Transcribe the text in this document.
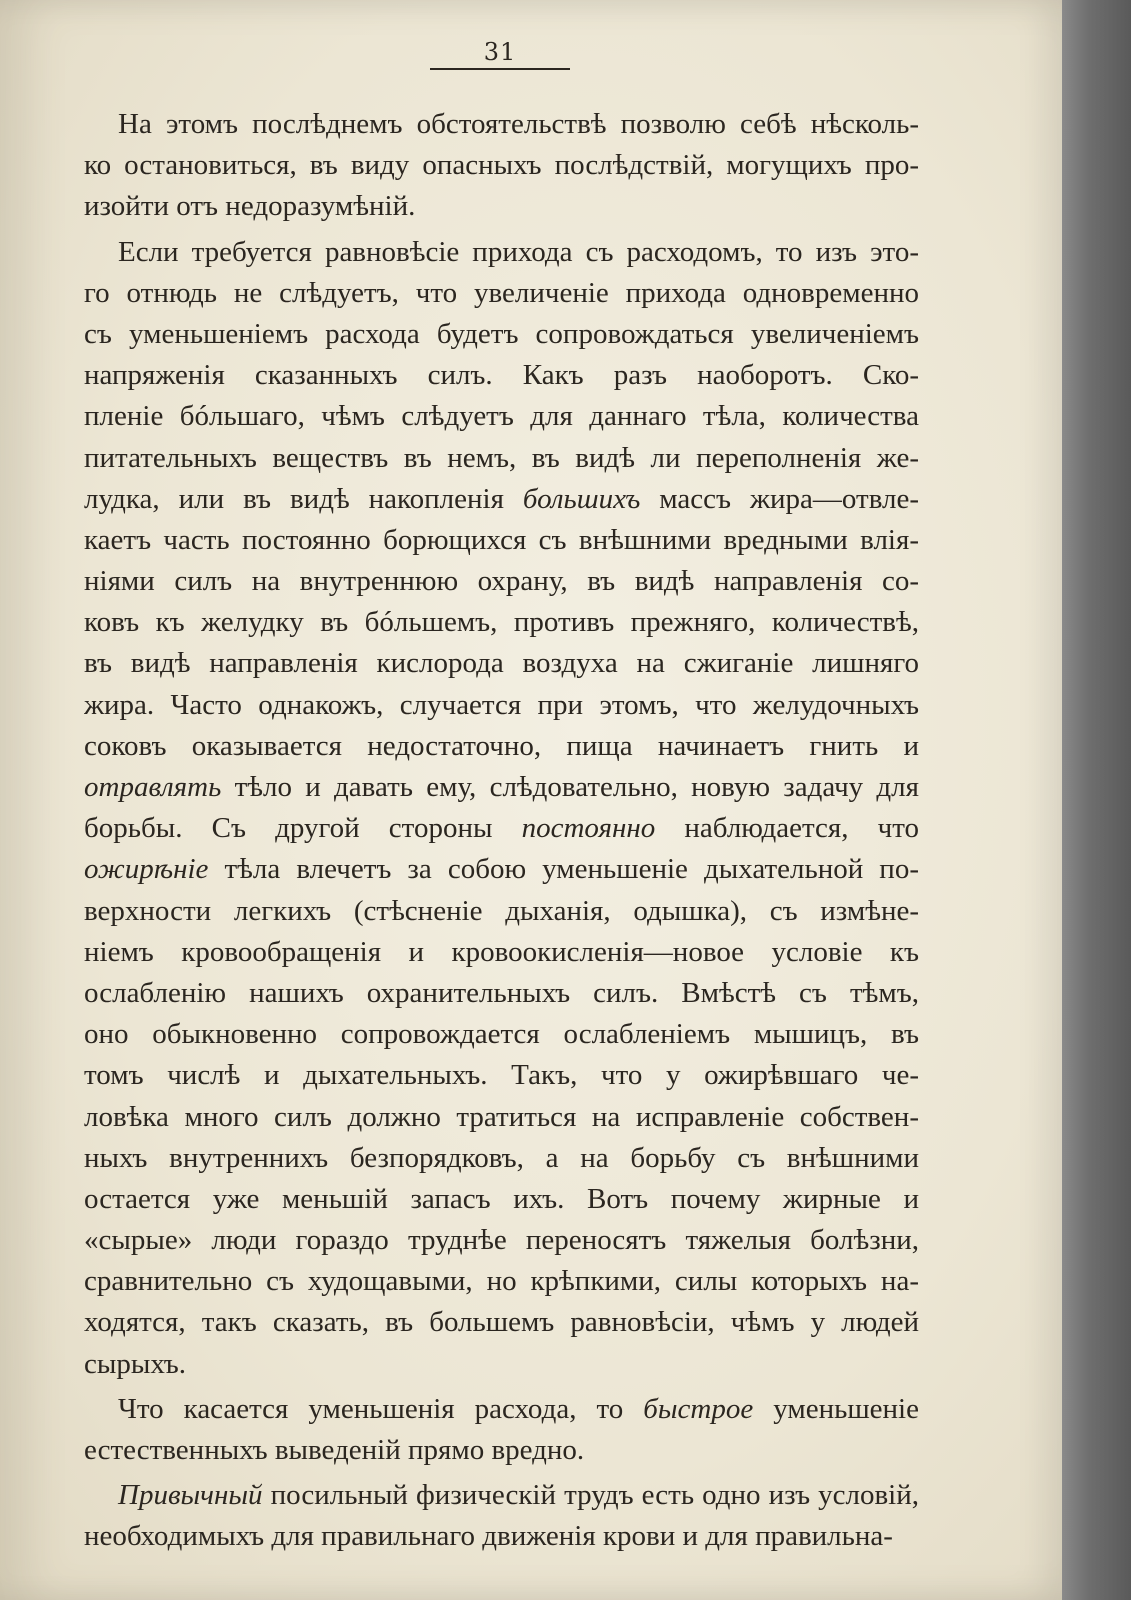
31
На этомъ послѣднемъ обстоятельствѣ позволю себѣ нѣсколь-
ко остановиться, въ виду опасныхъ послѣдствій, могущихъ про-
изойти отъ недоразумѣній.
Если требуется равновѣсіе прихода съ расходомъ, то изъ это-
го отнюдь не слѣдуетъ, что увеличеніе прихода одновременно
съ уменьшеніемъ расхода будетъ сопровождаться увеличеніемъ
напряженія сказанныхъ силъ. Какъ разъ наоборотъ. Ско-
пленіе бóльшаго, чѣмъ слѣдуетъ для даннаго тѣла, количества
питательныхъ веществъ въ немъ, въ видѣ ли переполненія же-
лудка, или въ видѣ накопленія большихъ массъ жира—отвле-
каетъ часть постоянно борющихся съ внѣшними вредными влія-
ніями силъ на внутреннюю охрану, въ видѣ направленія со-
ковъ къ желудку въ бóльшемъ, противъ прежняго, количествѣ,
въ видѣ направленія кислорода воздуха на сжиганіе лишняго
жира. Часто однакожъ, случается при этомъ, что желудочныхъ
соковъ оказывается недостаточно, пища начинаетъ гнить и
отравлять тѣло и давать ему, слѣдовательно, новую задачу для
борьбы. Съ другой стороны постоянно наблюдается, что
ожирѣніе тѣла влечетъ за собою уменьшеніе дыхательной по-
верхности легкихъ (стѣсненіе дыханія, одышка), съ измѣне-
ніемъ кровообращенія и кровоокисленія—новое условіе къ
ослабленію нашихъ охранительныхъ силъ. Вмѣстѣ съ тѣмъ,
оно обыкновенно сопровождается ослабленіемъ мышицъ, въ
томъ числѣ и дыхательныхъ. Такъ, что у ожирѣвшаго че-
ловѣка много силъ должно тратиться на исправленіе собствен-
ныхъ внутреннихъ безпорядковъ, а на борьбу съ внѣшними
остается уже меньшій запасъ ихъ. Вотъ почему жирные и
«сырые» люди гораздо труднѣе переносятъ тяжелыя болѣзни,
сравнительно съ худощавыми, но крѣпкими, силы которыхъ на-
ходятся, такъ сказать, въ большемъ равновѣсіи, чѣмъ у людей
сырыхъ.
Что касается уменьшенія расхода, то быстрое уменьшеніе
естественныхъ выведеній прямо вредно.
Привычный посильный физическій трудъ есть одно изъ условій,
необходимыхъ для правильнаго движенія крови и для правильна-
